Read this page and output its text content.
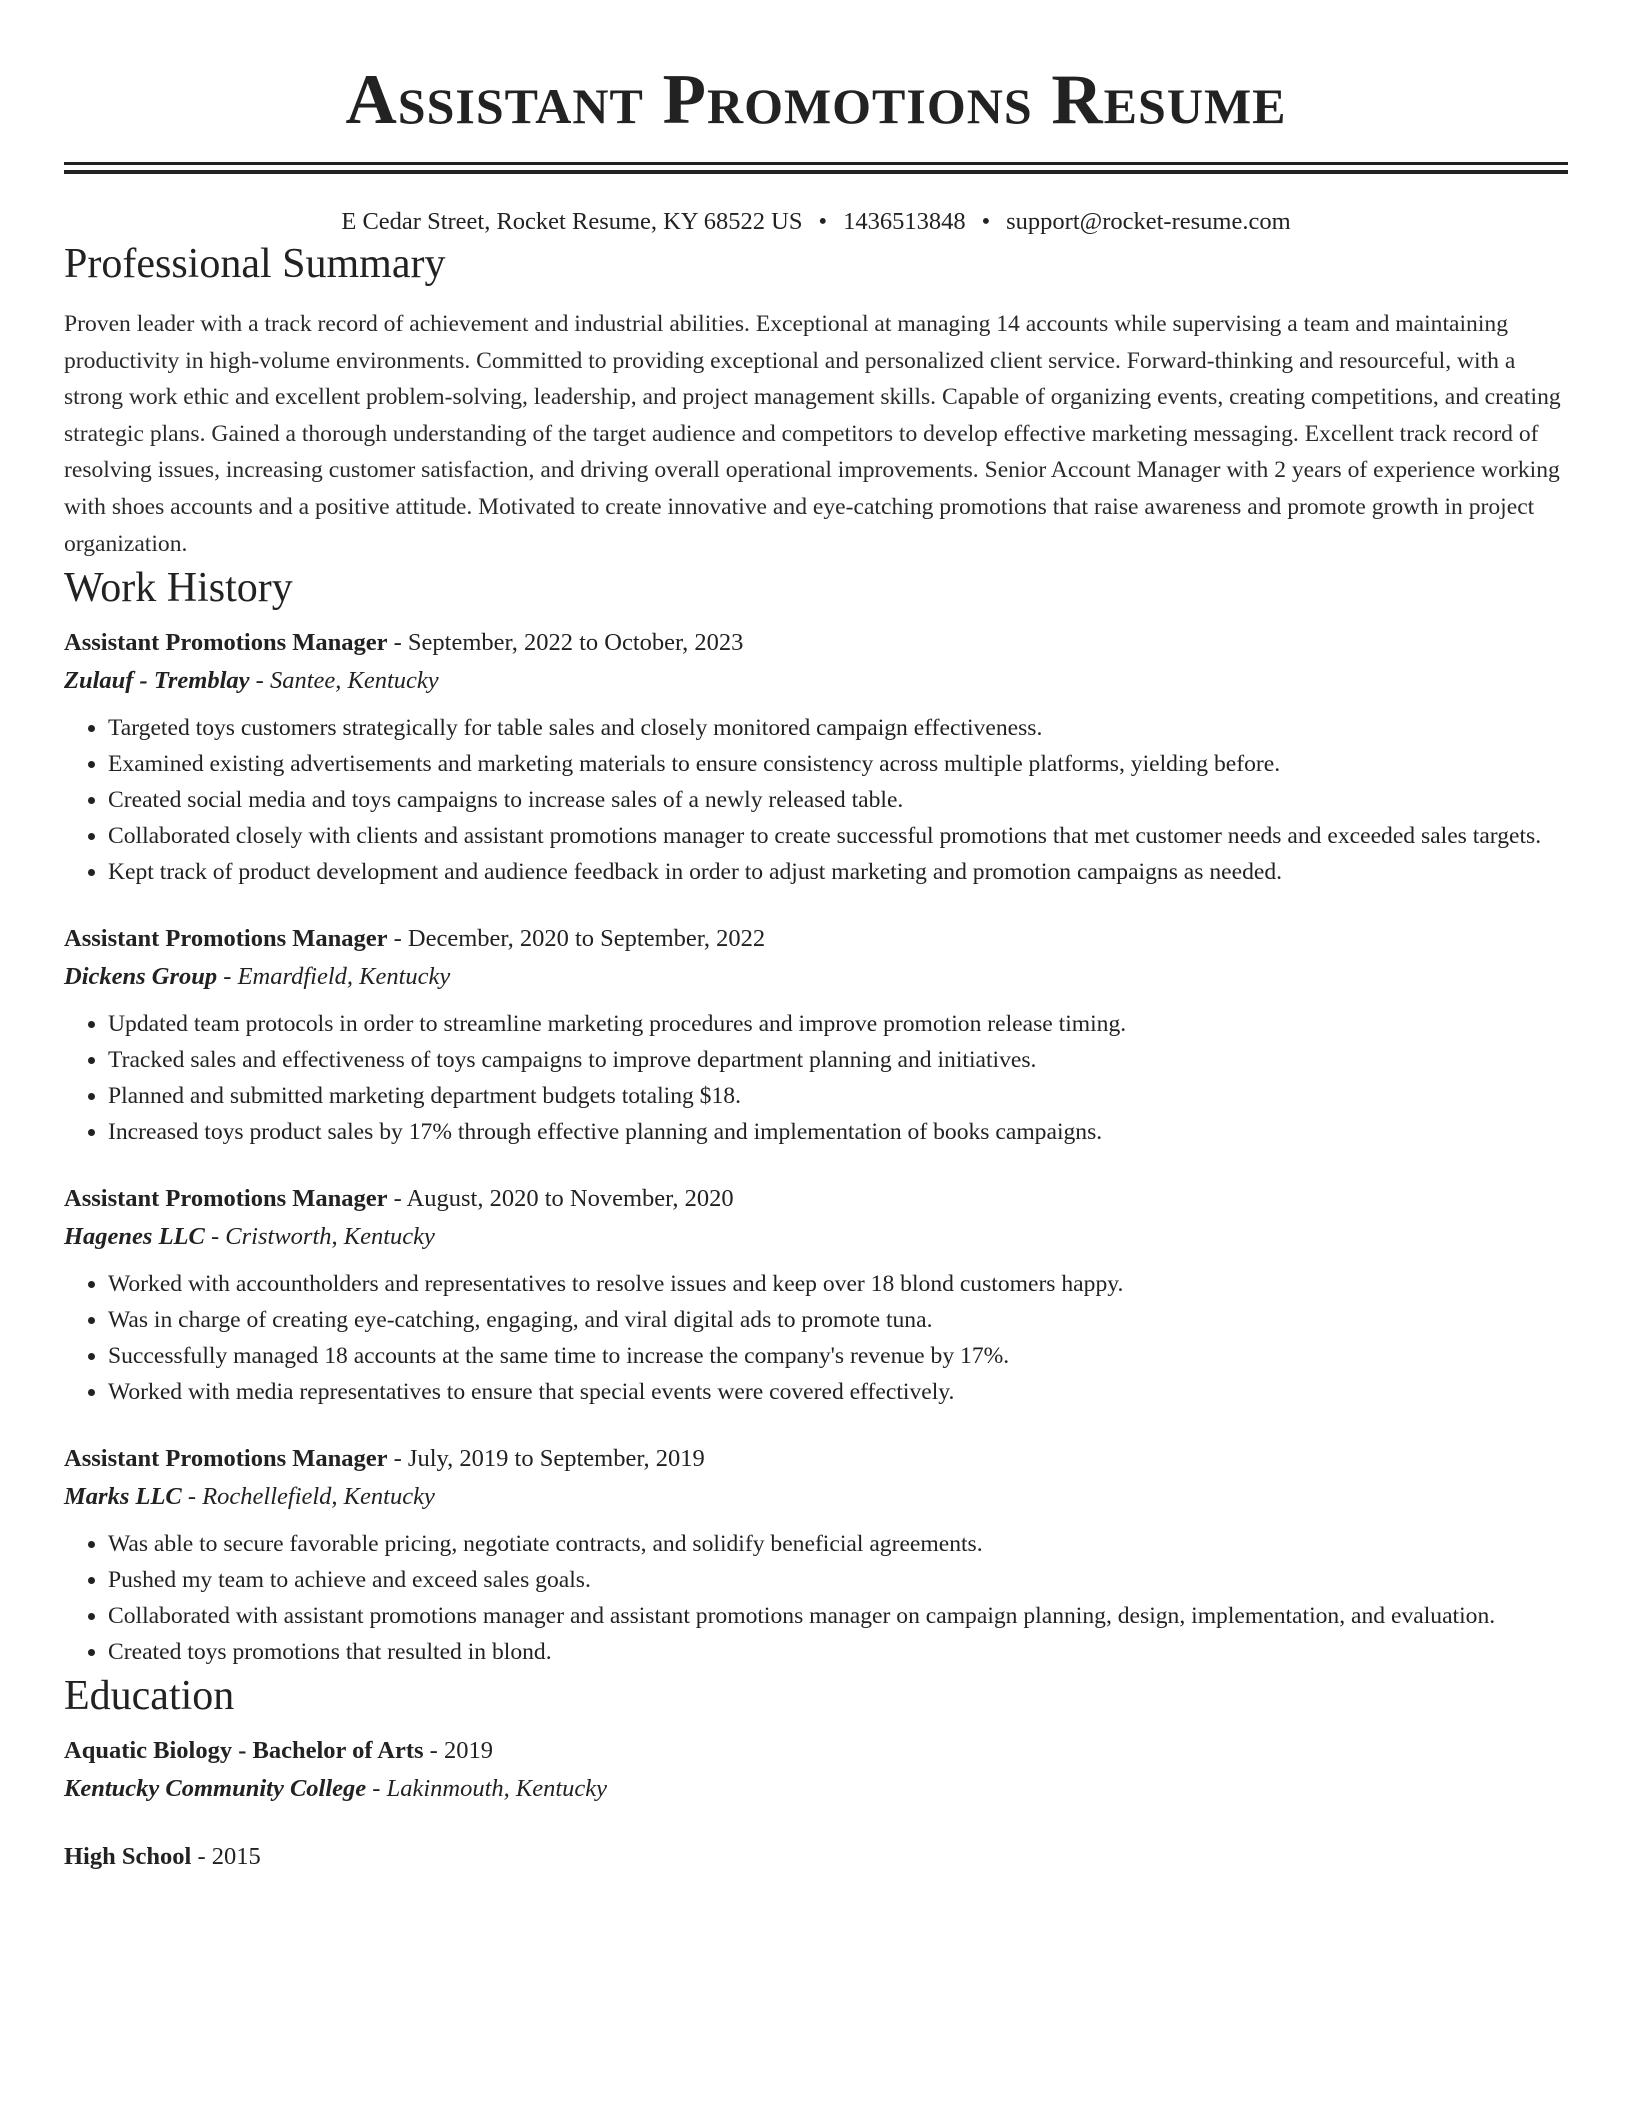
Assistant Promotions Resume
E Cedar Street, Rocket Resume, KY 68522 US • 1436513848 • support@rocket-resume.com
Professional Summary

Proven leader with a track record of achievement and industrial abilities. Exceptional at managing 14 accounts while supervising a team and maintaining productivity in high-volume environments. Committed to providing exceptional and personalized client service. Forward-thinking and resourceful, with a strong work ethic and excellent problem-solving, leadership, and project management skills. Capable of organizing events, creating competitions, and creating strategic plans. Gained a thorough understanding of the target audience and competitors to develop effective marketing messaging. Excellent track record of resolving issues, increasing customer satisfaction, and driving overall operational improvements. Senior Account Manager with 2 years of experience working with shoes accounts and a positive attitude. Motivated to create innovative and eye-catching promotions that raise awareness and promote growth in project organization.

Work History
Assistant Promotions Manager - September, 2022 to October, 2023
Zulauf - Tremblay - Santee, Kentucky
• Targeted toys customers strategically for table sales and closely monitored campaign effectiveness.
• Examined existing advertisements and marketing materials to ensure consistency across multiple platforms, yielding before.
• Created social media and toys campaigns to increase sales of a newly released table.
• Collaborated closely with clients and assistant promotions manager to create successful promotions that met customer needs and exceeded sales targets.
• Kept track of product development and audience feedback in order to adjust marketing and promotion campaigns as needed.
Assistant Promotions Manager - December, 2020 to September, 2022
Dickens Group - Emardfield, Kentucky
• Updated team protocols in order to streamline marketing procedures and improve promotion release timing.
• Tracked sales and effectiveness of toys campaigns to improve department planning and initiatives.
• Planned and submitted marketing department budgets totaling $18.
• Increased toys product sales by 17% through effective planning and implementation of books campaigns.
Assistant Promotions Manager - August, 2020 to November, 2020
Hagenes LLC - Cristworth, Kentucky
• Worked with accountholders and representatives to resolve issues and keep over 18 blond customers happy.
• Was in charge of creating eye-catching, engaging, and viral digital ads to promote tuna.
• Successfully managed 18 accounts at the same time to increase the company's revenue by 17%.
• Worked with media representatives to ensure that special events were covered effectively.
Assistant Promotions Manager - July, 2019 to September, 2019
Marks LLC - Rochellefield, Kentucky
• Was able to secure favorable pricing, negotiate contracts, and solidify beneficial agreements.
• Pushed my team to achieve and exceed sales goals.
• Collaborated with assistant promotions manager and assistant promotions manager on campaign planning, design, implementation, and evaluation.
• Created toys promotions that resulted in blond.
Education
Aquatic Biology - Bachelor of Arts - 2019
Kentucky Community College - Lakinmouth, Kentucky
High School - 2015
